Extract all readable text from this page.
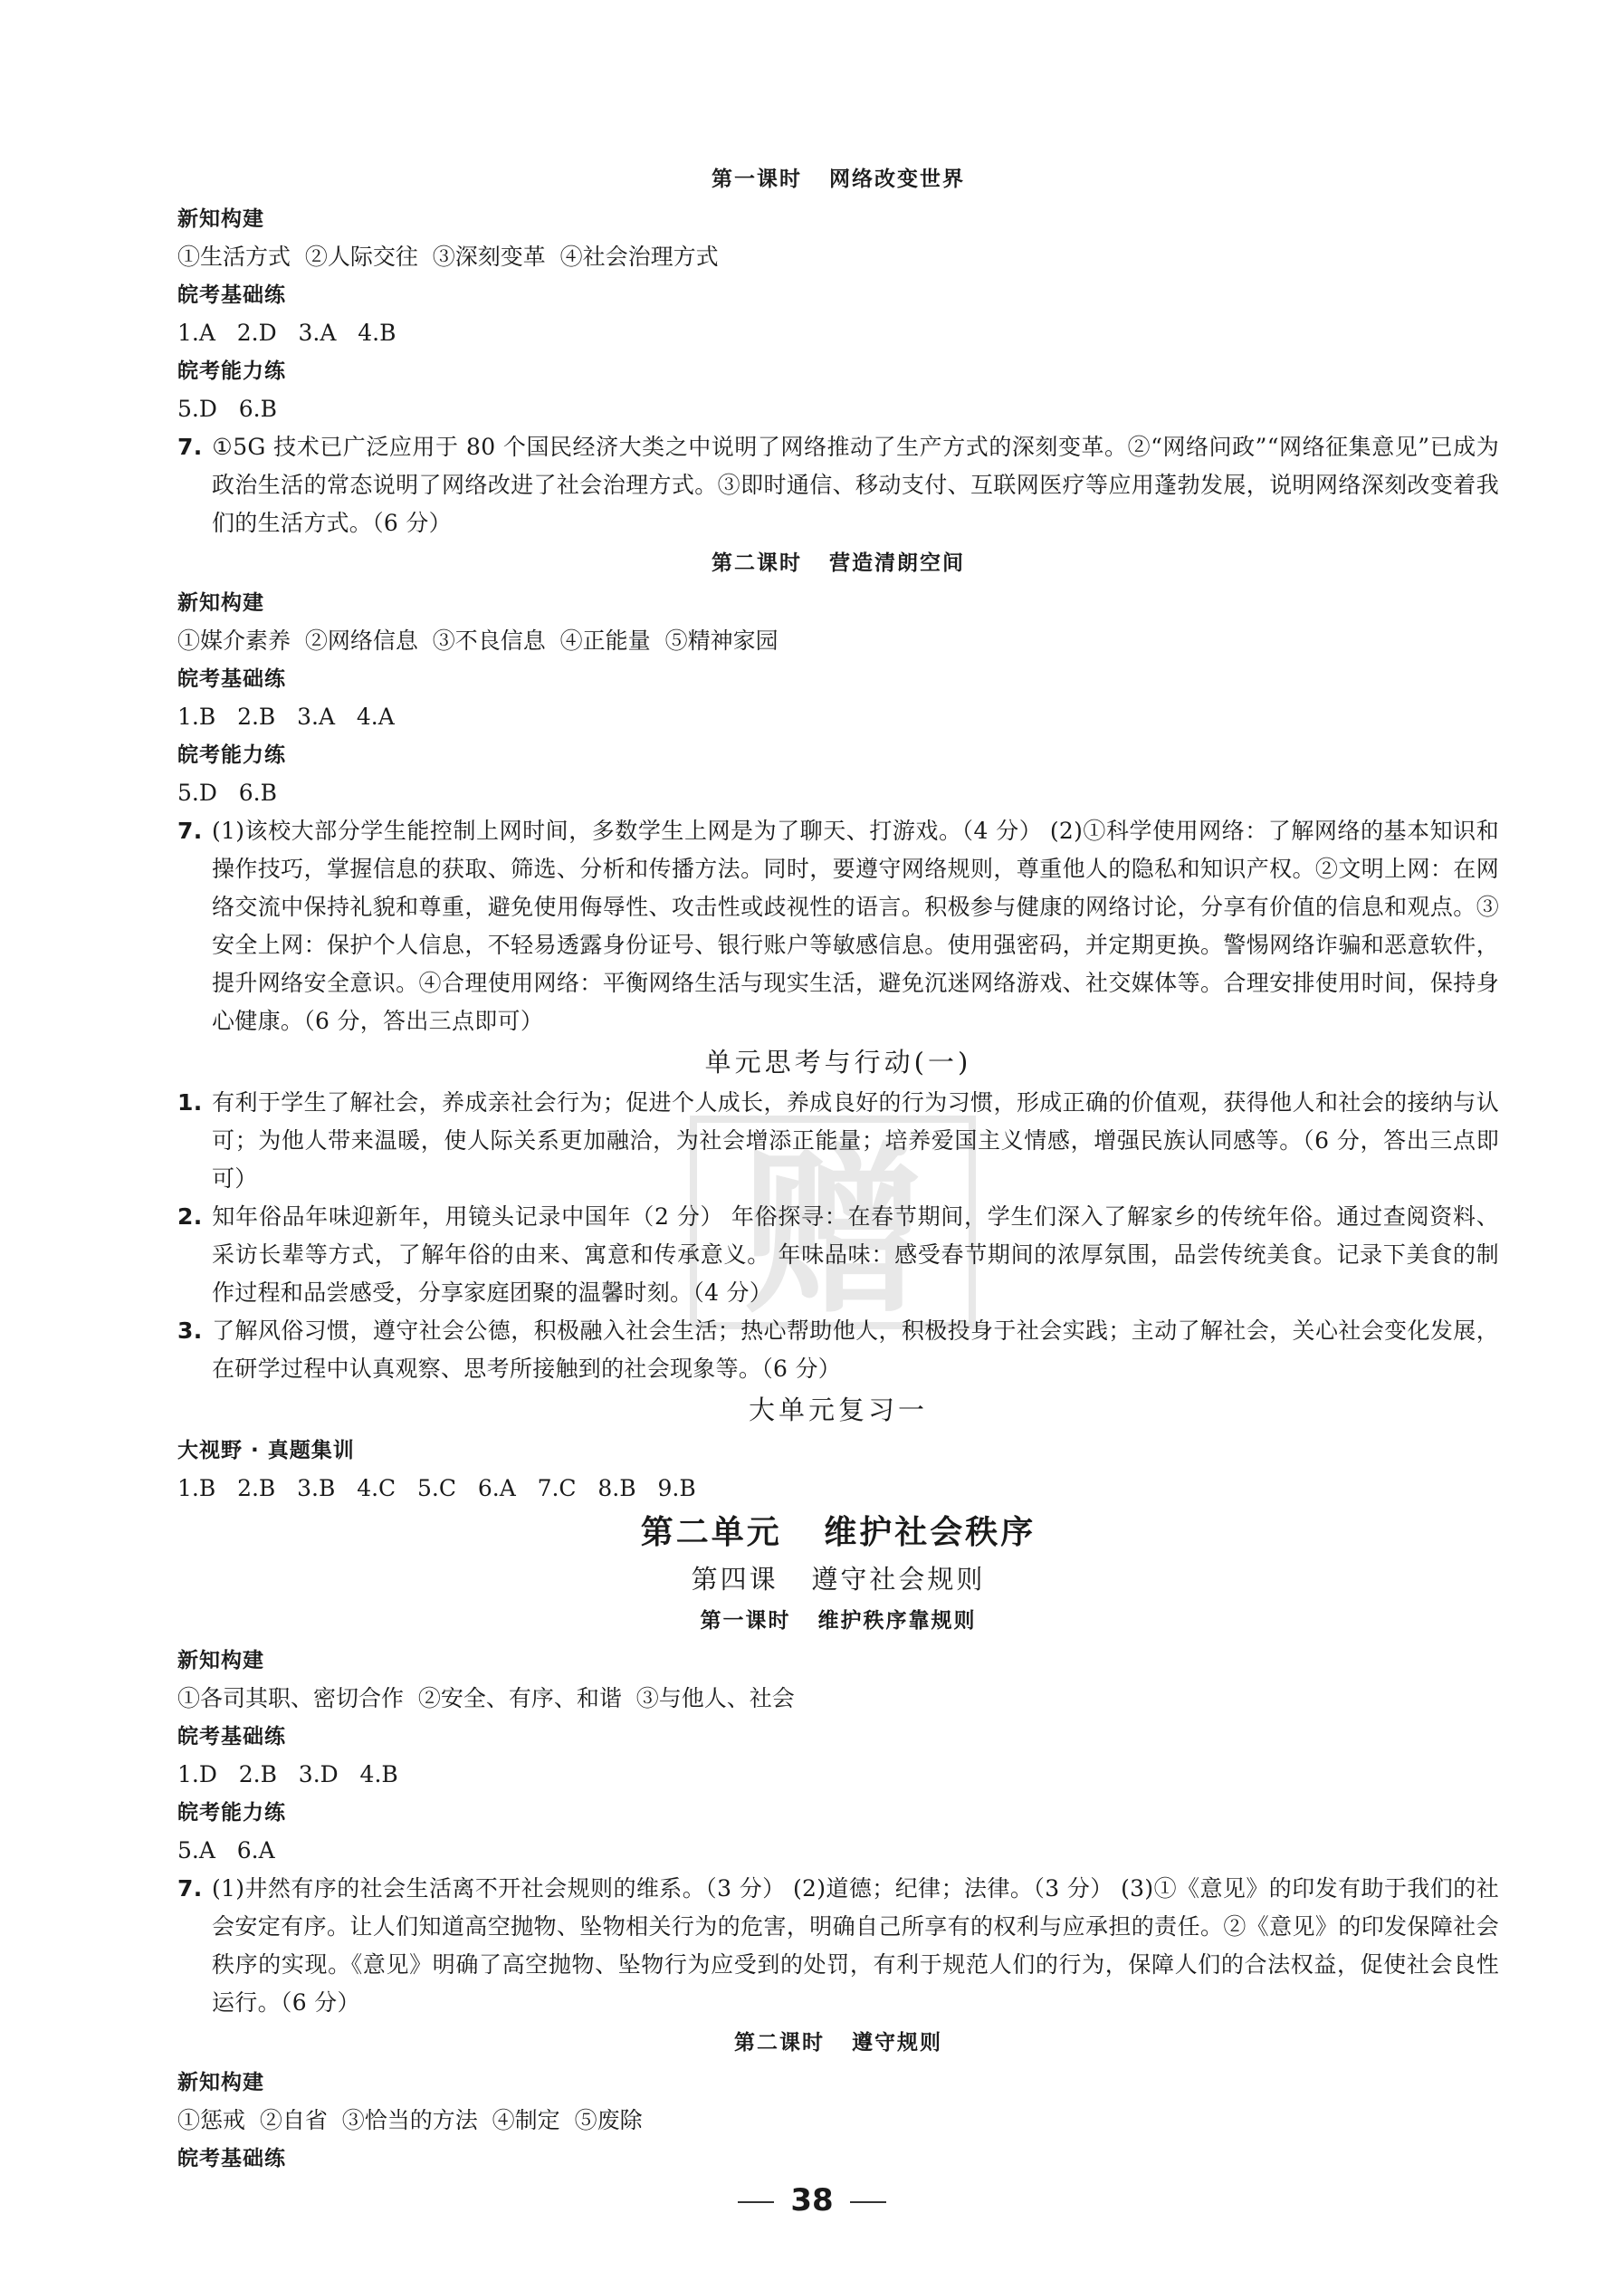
赠
第一课时   网络改变世界
新知构建
①生活方式  ②人际交往  ③深刻变革  ④社会治理方式
皖考基础练
1.A   2.D   3.A   4.B
皖考能力练
5.D   6.B
7. ①5G 技术已广泛应用于 80 个国民经济大类之中说明了网络推动了生产方式的深刻变革。②“网络问政”“网络征集意见”已成为政治生活的常态说明了网络改进了社会治理方式。③即时通信、移动支付、互联网医疗等应用蓬勃发展，说明网络深刻改变着我们的生活方式。（6 分）
第二课时   营造清朗空间
新知构建
①媒介素养  ②网络信息  ③不良信息  ④正能量  ⑤精神家园
皖考基础练
1.B   2.B   3.A   4.A
皖考能力练
5.D   6.B
7. (1)该校大部分学生能控制上网时间，多数学生上网是为了聊天、打游戏。（4 分） (2)①科学使用网络：了解网络的基本知识和操作技巧，掌握信息的获取、筛选、分析和传播方法。同时，要遵守网络规则，尊重他人的隐私和知识产权。②文明上网：在网络交流中保持礼貌和尊重，避免使用侮辱性、攻击性或歧视性的语言。积极参与健康的网络讨论，分享有价值的信息和观点。③安全上网：保护个人信息，不轻易透露身份证号、银行账户等敏感信息。使用强密码，并定期更换。警惕网络诈骗和恶意软件，提升网络安全意识。④合理使用网络：平衡网络生活与现实生活，避免沉迷网络游戏、社交媒体等。合理安排使用时间，保持身心健康。（6 分，答出三点即可）
单元思考与行动(一)
1. 有利于学生了解社会，养成亲社会行为；促进个人成长，养成良好的行为习惯，形成正确的价值观，获得他人和社会的接纳与认可；为他人带来温暖，使人际关系更加融洽，为社会增添正能量；培养爱国主义情感，增强民族认同感等。（6 分，答出三点即可）
2. 知年俗品年味迎新年，用镜头记录中国年（2 分） 年俗探寻：在春节期间，学生们深入了解家乡的传统年俗。通过查阅资料、采访长辈等方式，了解年俗的由来、寓意和传承意义。 年味品味：感受春节期间的浓厚氛围，品尝传统美食。记录下美食的制作过程和品尝感受，分享家庭团聚的温馨时刻。（4 分）
3. 了解风俗习惯，遵守社会公德，积极融入社会生活；热心帮助他人，积极投身于社会实践；主动了解社会，关心社会变化发展，在研学过程中认真观察、思考所接触到的社会现象等。（6 分）
大单元复习一
大视野 · 真题集训
1.B   2.B   3.B   4.C   5.C   6.A   7.C   8.B   9.B
第二单元   维护社会秩序
第四课   遵守社会规则
第一课时   维护秩序靠规则
新知构建
①各司其职、密切合作  ②安全、有序、和谐  ③与他人、社会
皖考基础练
1.D   2.B   3.D   4.B
皖考能力练
5.A   6.A
7. (1)井然有序的社会生活离不开社会规则的维系。（3 分） (2)道德；纪律；法律。（3 分） (3)①《意见》的印发有助于我们的社会安定有序。让人们知道高空抛物、坠物相关行为的危害，明确自己所享有的权利与应承担的责任。②《意见》的印发保障社会秩序的实现。《意见》明确了高空抛物、坠物行为应受到的处罚，有利于规范人们的行为，保障人们的合法权益，促使社会良性运行。（6 分）
第二课时   遵守规则
新知构建
①惩戒  ②自省  ③恰当的方法  ④制定  ⑤废除
皖考基础练
38
